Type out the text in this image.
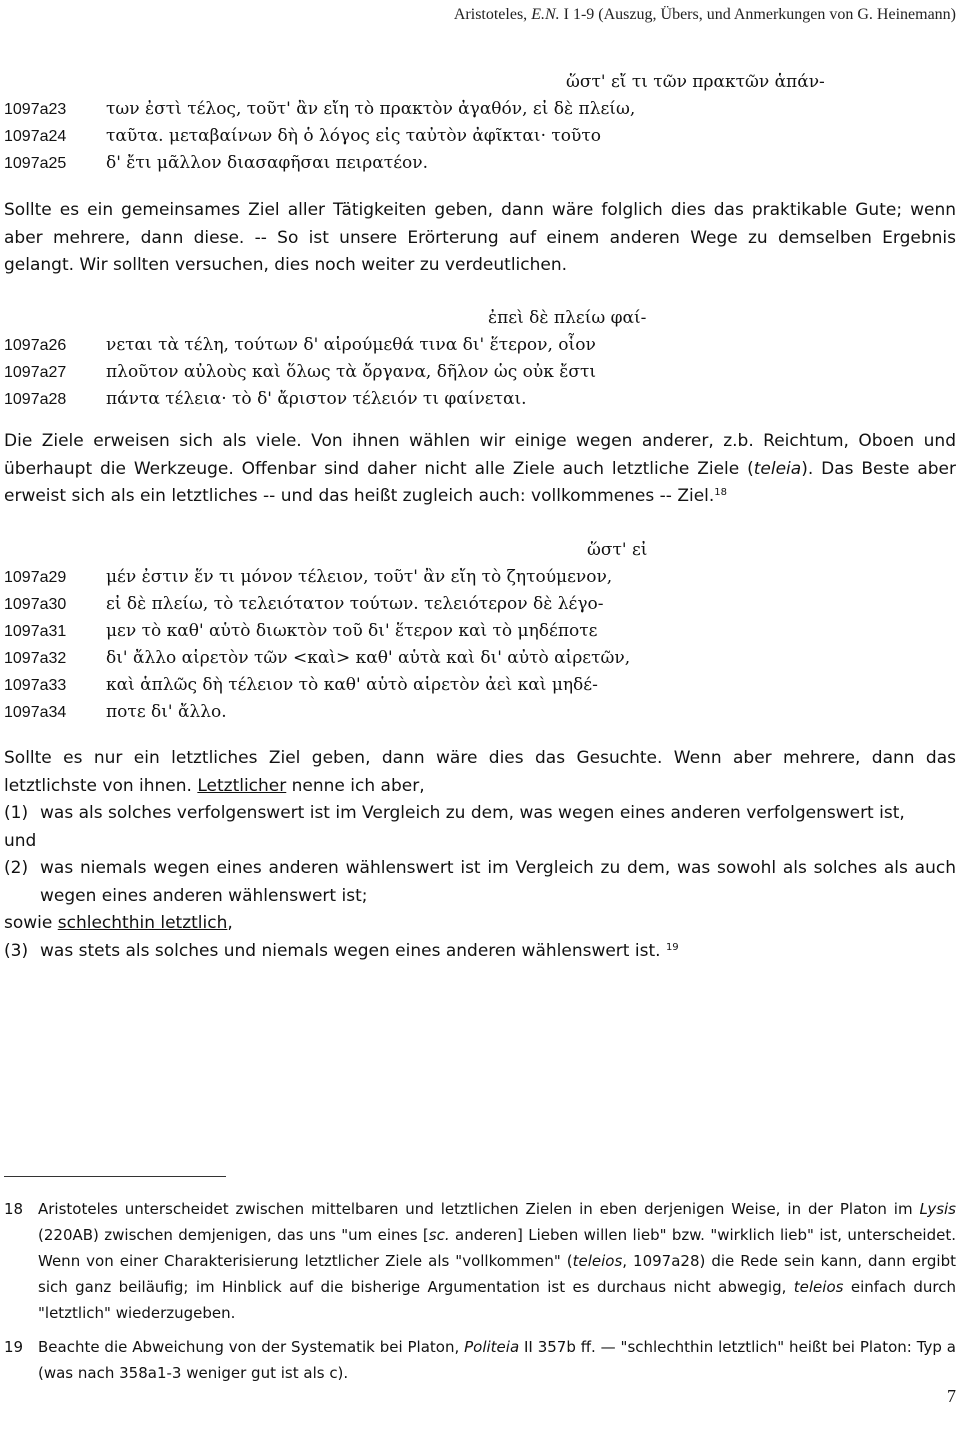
Aristoteles, E.N. I 1-9 (Auszug, Übers, und Anmerkungen von G. Heinemann)
ὥστ' εἴ τι τῶν πρακτῶν ἁπάν-
1097a23 των ἐστὶ τέλος, τοῦτ' ἂν εἴη τὸ πρακτὸν ἀγαθόν, εἰ δὲ πλείω,
1097a24 ταῦτα. μεταβαίνων δὴ ὁ λόγος εἰς ταὐτὸν ἀφῖκται· τοῦτο
1097a25 δ' ἔτι μᾶλλον διασαφῆσαι πειρατέον.
Sollte es ein gemeinsames Ziel aller Tätigkeiten geben, dann wäre folglich dies das praktikable Gute; wenn aber mehrere, dann diese. -- So ist unsere Erörterung auf einem anderen Wege zu demselben Ergebnis gelangt. Wir sollten versuchen, dies noch weiter zu verdeutlichen.
ἐπεὶ δὲ πλείω φαί-
1097a26 νεται τὰ τέλη, τούτων δ' αἱρούμεθά τινα δι' ἕτερον, οἷον
1097a27 πλοῦτον αὐλοὺς καὶ ὅλως τὰ ὄργανα, δῆλον ὡς οὐκ ἔστι
1097a28 πάντα τέλεια· τὸ δ' ἄριστον τέλειόν τι φαίνεται.
Die Ziele erweisen sich als viele. Von ihnen wählen wir einige wegen anderer, z.b. Reichtum, Oboen und überhaupt die Werkzeuge. Offenbar sind daher nicht alle Ziele auch letztliche Ziele (teleia). Das Beste aber erweist sich als ein letztliches -- und das heißt zugleich auch: vollkommenes -- Ziel.$^{18}$
ὥστ' εἰ
1097a29 μέν ἐστιν ἕν τι μόνον τέλειον, τοῦτ' ἂν εἴη τὸ ζητούμενον,
1097a30 εἰ δὲ πλείω, τὸ τελειότατον τούτων. τελειότερον δὲ λέγο-
1097a31 μεν τὸ καθ' αὑτὸ διωκτὸν τοῦ δι' ἕτερον καὶ τὸ μηδέποτε
1097a32 δι' ἄλλο αἱρετὸν τῶν <καὶ> καθ' αὑτὰ καὶ δι' αὐτὸ αἱρετῶν,
1097a33 καὶ ἁπλῶς δὴ τέλειον τὸ καθ' αὑτὸ αἱρετὸν ἀεὶ καὶ μηδέ-
1097a34 ποτε δι' ἄλλο.
Sollte es nur ein letztliches Ziel geben, dann wäre dies das Gesuchte. Wenn aber mehrere, dann das letztlichste von ihnen. Letztlicher nenne ich aber,
(1) was als solches verfolgenswert ist im Vergleich zu dem, was wegen eines anderen verfolgenswert ist,
und
(2) was niemals wegen eines anderen wählenswert ist im Vergleich zu dem, was sowohl als solches als auch wegen eines anderen wählenswert ist;
sowie schlechthin letztlich,
(3) was stets als solches und niemals wegen eines anderen wählenswert ist. $^{19}$
18 Aristoteles unterscheidet zwischen mittelbaren und letztlichen Zielen in eben derjenigen Weise, in der Platon im Lysis (220AB) zwischen demjenigen, das uns "um eines [sc. anderen] Lieben willen lieb" bzw. "wirklich lieb" ist, unterscheidet. Wenn von einer Charakterisierung letztlicher Ziele als "vollkommen" (teleios, 1097a28) die Rede sein kann, dann ergibt sich ganz beiläufig; im Hinblick auf die bisherige Argumentation ist es durchaus nicht abwegig, teleios einfach durch "letztlich" wiederzugeben.
19 Beachte die Abweichung von der Systematik bei Platon, Politeia II 357b ff. — "schlechthin letztlich" heißt bei Platon: Typ a (was nach 358a1-3 weniger gut ist als c).
7
